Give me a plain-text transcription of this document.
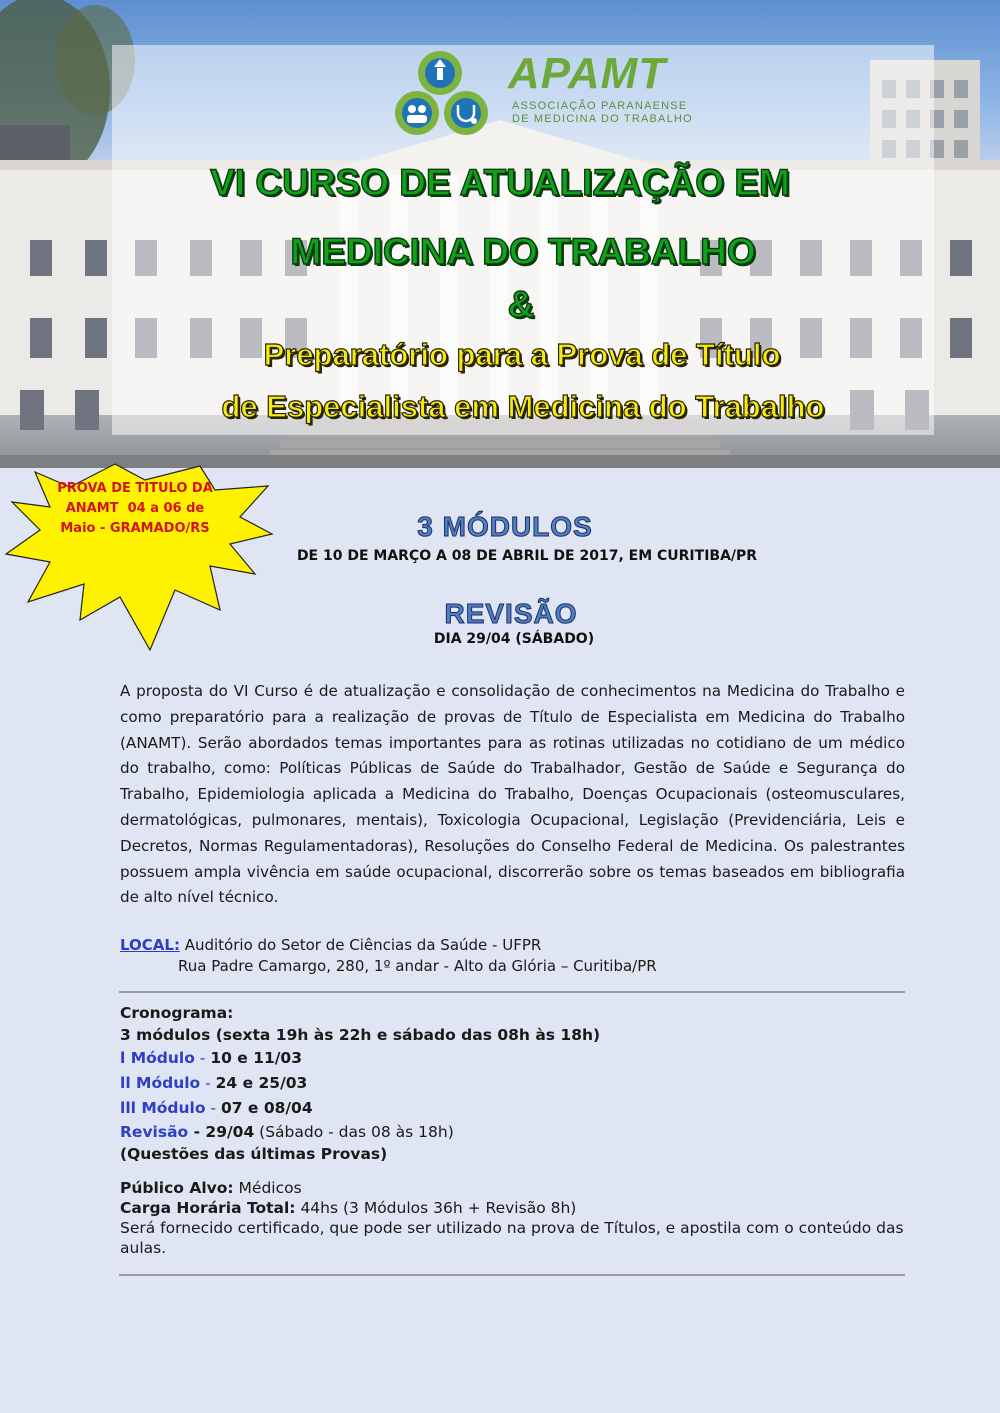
APAMT
ASSOCIAÇÃO PARANAENSE
DE MEDICINA DO TRABALHO
VI CURSO DE ATUALIZAÇÃO EM
MEDICINA DO TRABALHO
&
Preparatório para a Prova de Título
de Especialista em Medicina do Trabalho
PROVA DE TITULO DA
ANAMT  04 a 06 de
Maio - GRAMADO/RS	3 MÓDULOS
DE 10 DE MARÇO A 08 DE ABRIL DE 2017, EM CURITIBA/PR
REVISÃO
DIA 29/04 (SÁBADO)
A proposta do VI Curso é de atualização e consolidação de conhecimentos na Medicina do Trabalho e como preparatório para a realização de provas de Título de Especialista em Medicina do Trabalho (ANAMT). Serão abordados temas importantes para as rotinas utilizadas no cotidiano de um médico do trabalho, como: Políticas Públicas de Saúde do Trabalhador, Gestão de Saúde e Segurança do Trabalho, Epidemiologia aplicada a Medicina do Trabalho, Doenças Ocupacionais (osteomusculares, dermatológicas, pulmonares, mentais), Toxicologia Ocupacional, Legislação (Previdenciária, Leis e Decretos, Normas Regulamentadoras), Resoluções do Conselho Federal de Medicina. Os palestrantes possuem ampla vivência em saúde ocupacional, discorrerão sobre os temas baseados em bibliografia de alto nível técnico.
LOCAL: Auditório do Setor de Ciências da Saúde - UFPR
Rua Padre Camargo, 280, 1º andar - Alto da Glória – Curitiba/PR
Cronograma:
3 módulos (sexta 19h às 22h e sábado das 08h às 18h)
l Módulo - 10 e 11/03
ll Módulo - 24 e 25/03
lll Módulo - 07 e 08/04
Revisão - 29/04 (Sábado - das 08 às 18h)
(Questões das últimas Provas)
Público Alvo: Médicos
Carga Horária Total: 44hs (3 Módulos 36h + Revisão 8h)
Será fornecido certificado, que pode ser utilizado na prova de Títulos, e apostila com o conteúdo das aulas.
